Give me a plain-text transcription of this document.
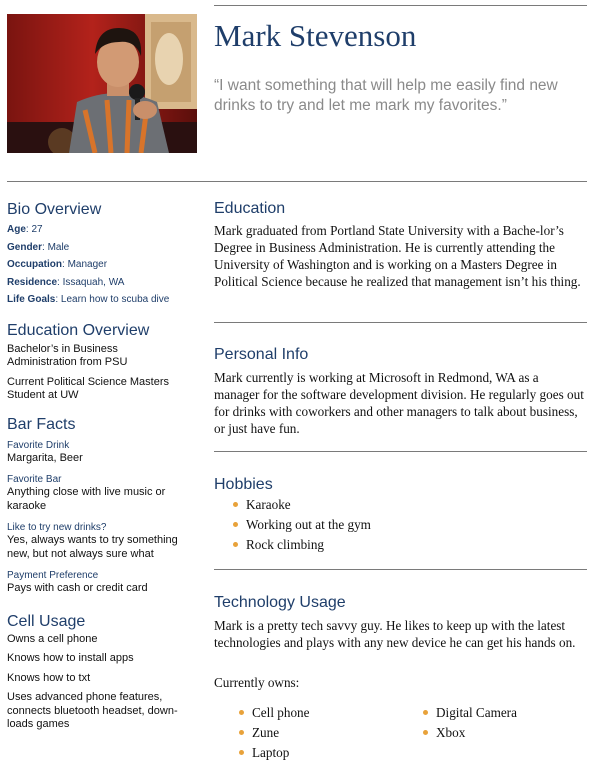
Mark Stevenson
“I want something that will help me easily find new drinks to try and let me mark my favorites.”
Bio Overview
Age: 27
Gender: Male
Occupation: Manager
Residence: Issaquah, WA
Life Goals: Learn how to scuba dive
Education Overview
Bachelor’s in Business Administration from PSU
Current Political Science Masters Student at UW
Bar Facts
Favorite Drink
Margarita, Beer
Favorite Bar
Anything close with live music or karaoke
Like to try new drinks?
Yes, always wants to try something new, but not always sure what
Payment Preference
Pays with cash or credit card
Cell Usage
Owns a cell phone
Knows how to install apps
Knows how to txt
Uses advanced phone features, connects bluetooth headset, down-loads games
Education
Mark graduated from Portland State University with a Bache-lor’s Degree in Business Administration. He is currently attending the University of Washington and is working on a Masters Degree in Political Science because he realized that management isn’t his thing.
Personal Info
Mark currently is working at Microsoft in Redmond, WA as a manager for the software development division. He regularly goes out for drinks with coworkers and other managers to talk about business, or just have fun.
Hobbies
Karaoke
Working out at the gym
Rock climbing
Technology Usage
Mark is a pretty tech savvy guy. He likes to keep up with the latest technologies and plays with any new device he can get his hands on.
Currently owns:
Cell phone
Zune
Laptop
Digital Camera
Xbox
